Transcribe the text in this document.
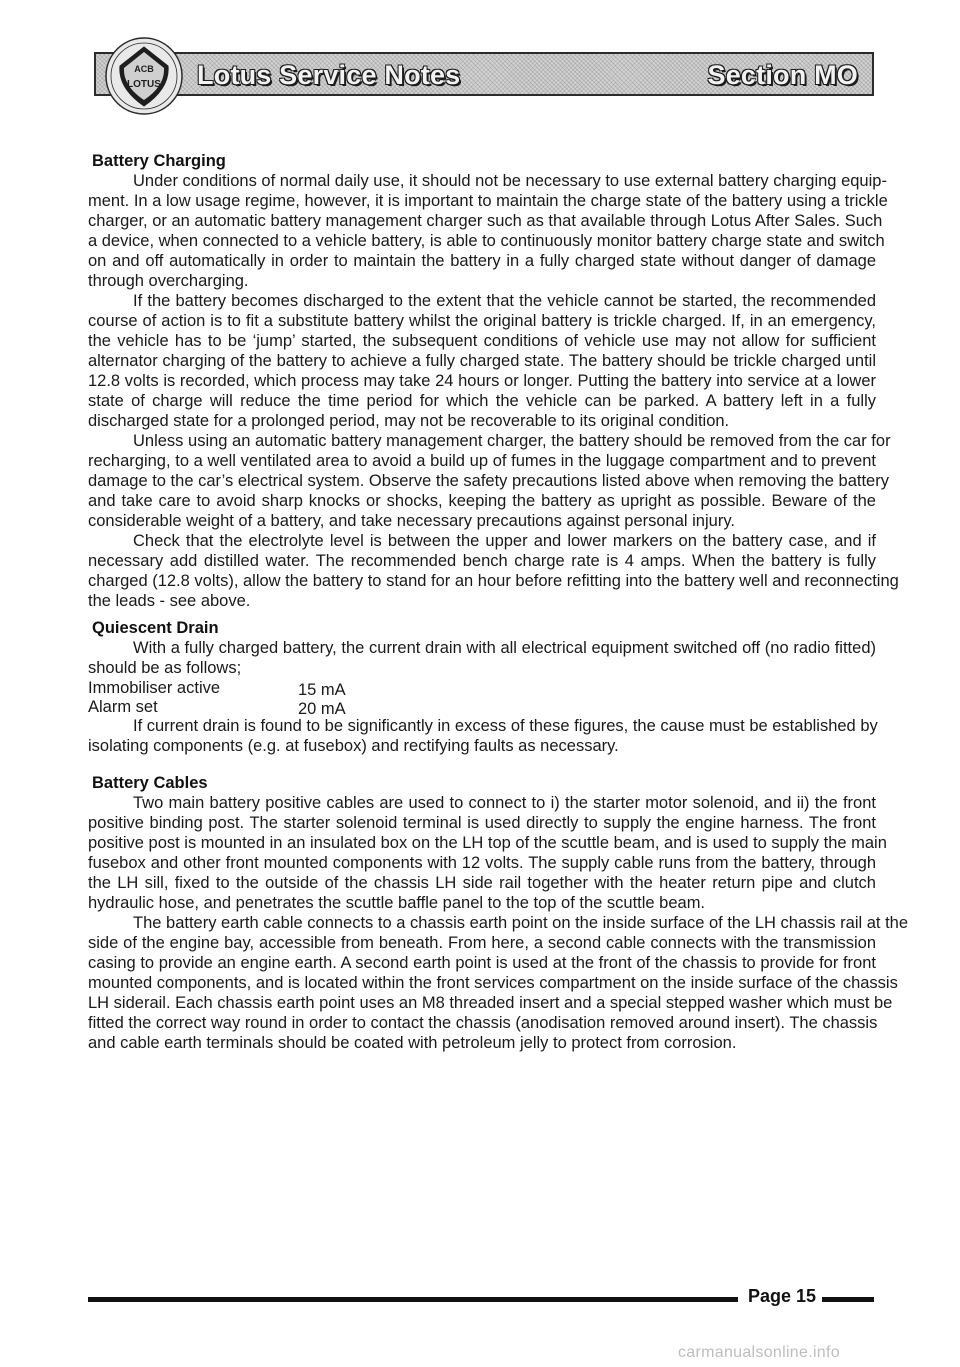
Lotus Service Notes	Section MO
ACB
LOTUS
Battery Charging
Under conditions of normal daily use, it should not be necessary to use external battery charging equip-
ment. In a low usage regime, however, it is important to maintain the charge state of the battery using a trickle
charger, or an automatic battery management charger such as that available through Lotus After Sales. Such
a device, when connected to a vehicle battery, is able to continuously monitor battery charge state and switch
on and off automatically in order to maintain the battery in a fully charged state without danger of damage
through overcharging.
If the battery becomes discharged to the extent that the vehicle cannot be started, the recommended
course of action is to fit a substitute battery whilst the original battery is trickle charged. If, in an emergency,
the vehicle has to be ‘jump’ started, the subsequent conditions of vehicle use may not allow for sufficient
alternator charging of the battery to achieve a fully charged state. The battery should be trickle charged until
12.8 volts is recorded, which process may take 24 hours or longer. Putting the battery into service at a lower
state of charge will reduce the time period for which the vehicle can be parked. A battery left in a fully
discharged state for a prolonged period, may not be recoverable to its original condition.
Unless using an automatic battery management charger, the battery should be removed from the car for
recharging, to a well ventilated area to avoid a build up of fumes in the luggage compartment and to prevent
damage to the car’s electrical system. Observe the safety precautions listed above when removing the battery
and take care to avoid sharp knocks or shocks, keeping the battery as upright as possible. Beware of the
considerable weight of a battery, and take necessary precautions against personal injury.
Check that the electrolyte level is between the upper and lower markers on the battery case, and if
necessary add distilled water. The recommended bench charge rate is 4 amps. When the battery is fully
charged (12.8 volts), allow the battery to stand for an hour before refitting into the battery well and reconnecting
the leads - see above.
Quiescent Drain
With a fully charged battery, the current drain with all electrical equipment switched off (no radio fitted)
should be as follows;
Immobiliser active	15 mA
Alarm set	20 mA
If current drain is found to be significantly in excess of these figures, the cause must be established by
isolating components (e.g. at fusebox) and rectifying faults as necessary.
Battery Cables
Two main battery positive cables are used to connect to i) the starter motor solenoid, and ii) the front
positive binding post. The starter solenoid terminal is used directly to supply the engine harness. The front
positive post is mounted in an insulated box on the LH top of the scuttle beam, and is used to supply the main
fusebox and other front mounted components with 12 volts. The supply cable runs from the battery, through
the LH sill, fixed to the outside of the chassis LH side rail together with the heater return pipe and clutch
hydraulic hose, and penetrates the scuttle baffle panel to the top of the scuttle beam.
The battery earth cable connects to a chassis earth point on the inside surface of the LH chassis rail at the
side of the engine bay, accessible from beneath. From here, a second cable connects with the transmission
casing to provide an engine earth. A second earth point is used at the front of the chassis to provide for front
mounted components, and is located within the front services compartment on the inside surface of the chassis
LH siderail. Each chassis earth point uses an M8 threaded insert and a special stepped washer which must be
fitted the correct way round in order to contact the chassis (anodisation removed around insert). The chassis
and cable earth terminals should be coated with petroleum jelly to protect from corrosion.
Page 15
carmanualsonline.info
